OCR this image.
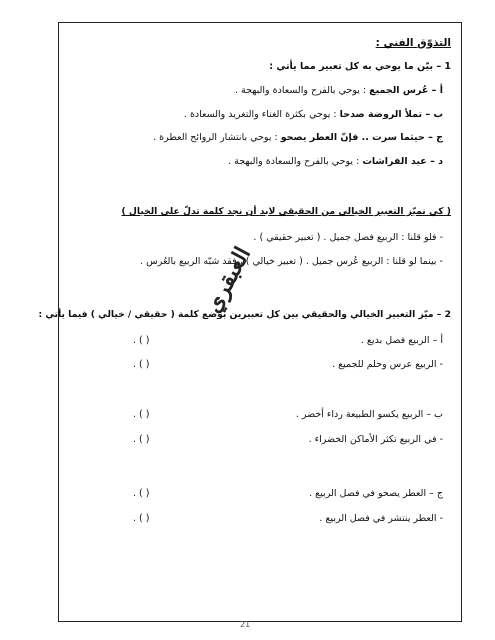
التذوّق الفني :
1 – بيّن ما يوحي به كل تعبير مما يأتي :
أ – عُرس الجميع : يوحي بالفرح والسعادة والبهجة .
ب – تملأ الروضة صدحا : يوحي بكثرة الغناء والتغريد والسعادة .
ج – حيثما سرت .. فإنّ العطر يصحو : يوحي بانتشار الروائح العطرة .
د – عيد الفراشات : يوحي بالفرح والسعادة والبهجة .
( كي نميّز التعبير الخيالي من الحقيقي لابد أن نجد كلمة تدلّ على الخيال )
- فلو قلنا : الربيع فصل جميل . ( تعبير حقيقي ) .
- بينما لو قلنا : الربيع عُرس جميل . ( تعبير خيالي ) ، فقد شبّه الربيع بالعُرس .
2 – ميّز التعبير الخيالي والحقيقي بين كل تعبيرين بوضع كلمة ( حقيقي / خيالي ) فيما يأتي :
أ – الربيع فصل بديع .
( ) .
- الربيع عرس وحلم للجميع .
( ) .
ب – الربيع يكسو الطبيعة رداء أخضر .
( ) .
- في الربيع تكثر الأماكن الخضراء .
( ) .
ج – العطر يصحو في فصل الربيع .
( ) .
- العطر ينتشر في فصل الربيع .
( ) .
العبقري
21
